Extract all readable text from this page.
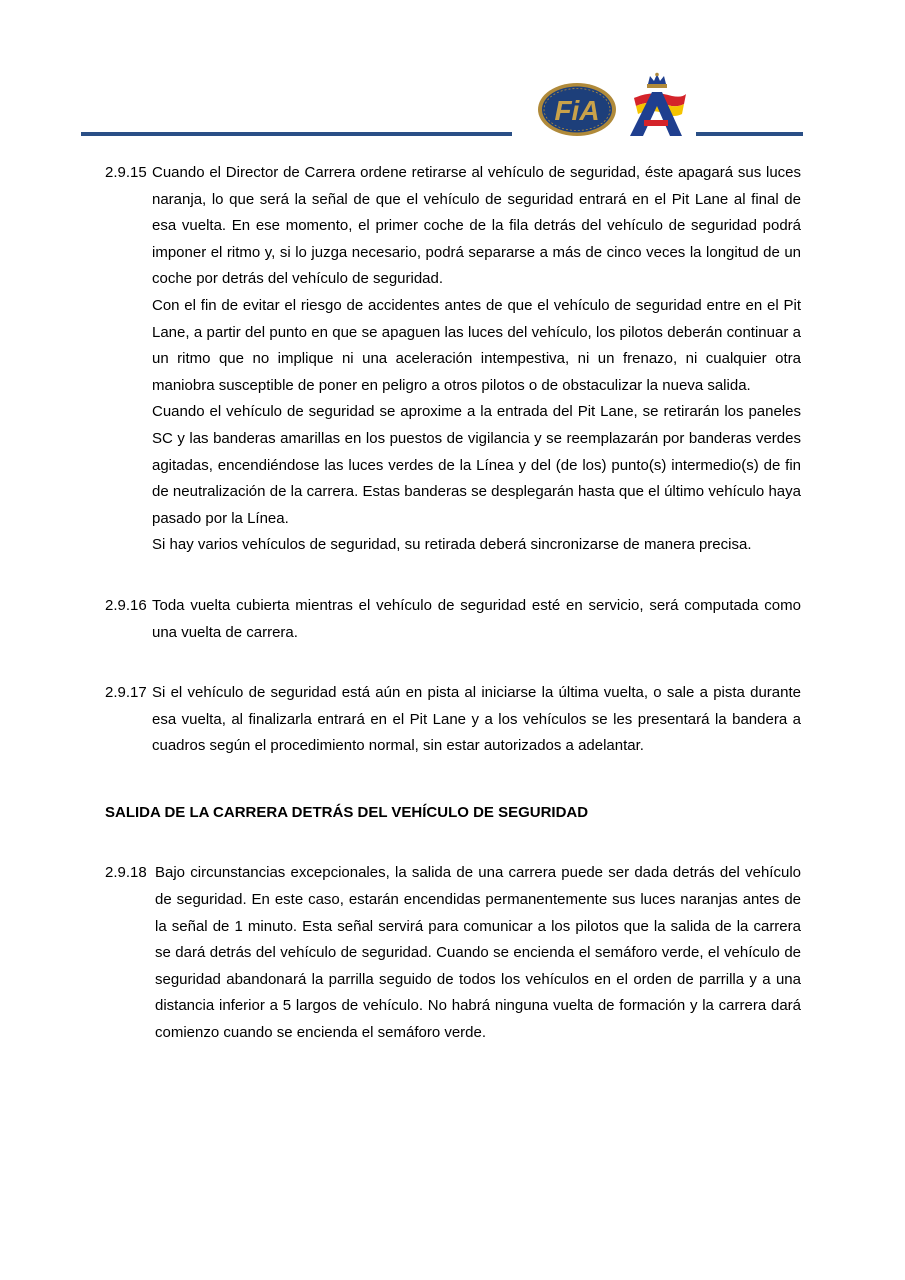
FiA
2.9.15 Cuando el Director de Carrera ordene retirarse al vehículo de seguridad, éste apagará sus luces naranja, lo que será la señal de que el vehículo de seguridad entrará en el Pit Lane al final de esa vuelta. En ese momento, el primer coche de la fila detrás del vehículo de seguridad podrá imponer el ritmo y, si lo juzga necesario, podrá separarse a más de cinco veces la longitud de un coche por detrás del vehículo de seguridad.

Con el fin de evitar el riesgo de accidentes antes de que el vehículo de seguridad entre en el Pit Lane, a partir del punto en que se apaguen las luces del vehículo, los pilotos deberán continuar a un ritmo que no implique ni una aceleración intempestiva, ni un frenazo, ni cualquier otra maniobra susceptible de poner en peligro a otros pilotos o de obstaculizar la nueva salida.

Cuando el vehículo de seguridad se aproxime a la entrada del Pit Lane, se retirarán los paneles SC y las banderas amarillas en los puestos de vigilancia y se reemplazarán por banderas verdes agitadas, encendiéndose las luces verdes de la Línea y del (de los) punto(s) intermedio(s) de fin de neutralización de la carrera. Estas banderas se desplegarán hasta que el último vehículo haya pasado por la Línea.

Si hay varios vehículos de seguridad, su retirada deberá sincronizarse de manera precisa.

2.9.16 Toda vuelta cubierta mientras el vehículo de seguridad esté en servicio, será computada como una vuelta de carrera.

2.9.17 Si el vehículo de seguridad está aún en pista al iniciarse la última vuelta, o sale a pista durante esa vuelta, al finalizarla entrará en el Pit Lane y a los vehículos se les presentará la bandera a cuadros según el procedimiento normal, sin estar autorizados a adelantar.

SALIDA DE LA CARRERA DETRÁS DEL VEHÍCULO DE SEGURIDAD

2.9.18 Bajo circunstancias excepcionales, la salida de una carrera puede ser dada detrás del vehículo de seguridad. En este caso, estarán encendidas permanentemente sus luces naranjas antes de la señal de 1 minuto. Esta señal servirá para comunicar a los pilotos que la salida de la carrera se dará detrás del vehículo de seguridad. Cuando se encienda el semáforo verde, el vehículo de seguridad abandonará la parrilla seguido de todos los vehículos en el orden de parrilla y a una distancia inferior a 5 largos de vehículo. No habrá ninguna vuelta de formación y la carrera dará comienzo cuando se encienda el semáforo verde.
